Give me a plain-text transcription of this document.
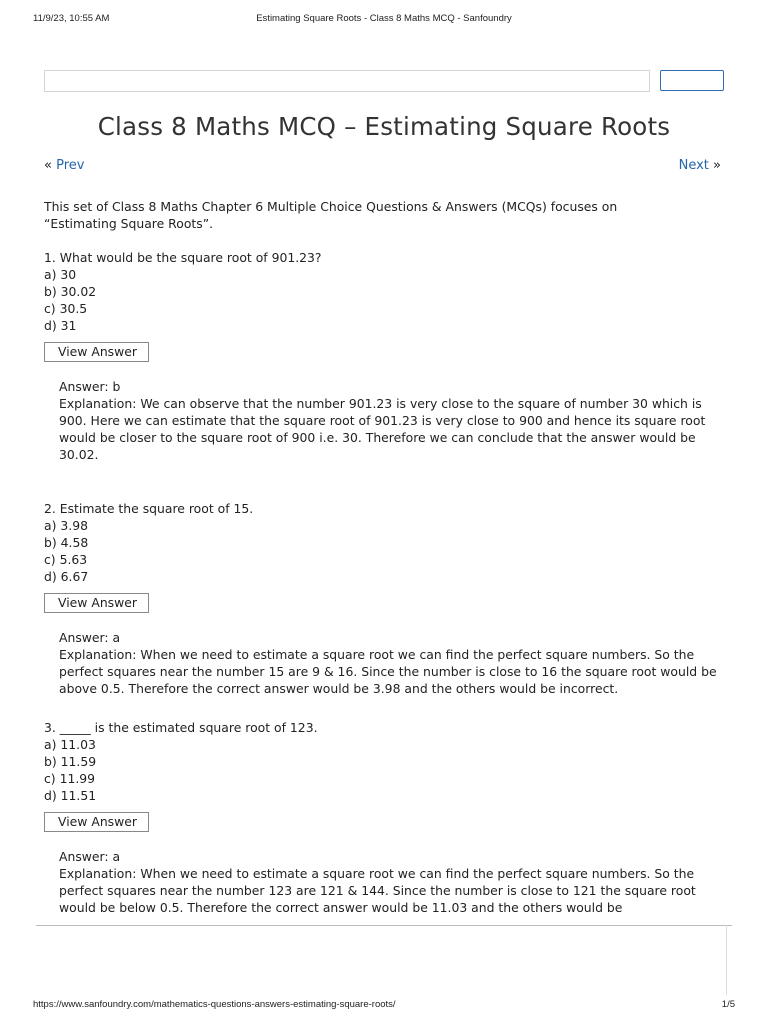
11/9/23, 10:55 AM	Estimating Square Roots - Class 8 Maths MCQ - Sanfoundry
Class 8 Maths MCQ – Estimating Square Roots
« Prev	Next »
This set of Class 8 Maths Chapter 6 Multiple Choice Questions & Answers (MCQs) focuses on
“Estimating Square Roots”.
1. What would be the square root of 901.23?
a) 30
b) 30.02
c) 30.5
d) 31
View Answer
Answer: b
Explanation: We can observe that the number 901.23 is very close to the square of number 30 which is 900. Here we can estimate that the square root of 901.23 is very close to 900 and hence its square root would be closer to the square root of 900 i.e. 30. Therefore we can conclude that the answer would be 30.02.
2. Estimate the square root of 15.
a) 3.98
b) 4.58
c) 5.63
d) 6.67
View Answer
Answer: a
Explanation: When we need to estimate a square root we can find the perfect square numbers. So the perfect squares near the number 15 are 9 & 16. Since the number is close to 16 the square root would be above 0.5. Therefore the correct answer would be 3.98 and the others would be incorrect.
3. _____ is the estimated square root of 123.
a) 11.03
b) 11.59
c) 11.99
d) 11.51
View Answer
Answer: a
Explanation: When we need to estimate a square root we can find the perfect square numbers. So the perfect squares near the number 123 are 121 & 144. Since the number is close to 121 the square root would be below 0.5. Therefore the correct answer would be 11.03 and the others would be
https://www.sanfoundry.com/mathematics-questions-answers-estimating-square-roots/	1/5
